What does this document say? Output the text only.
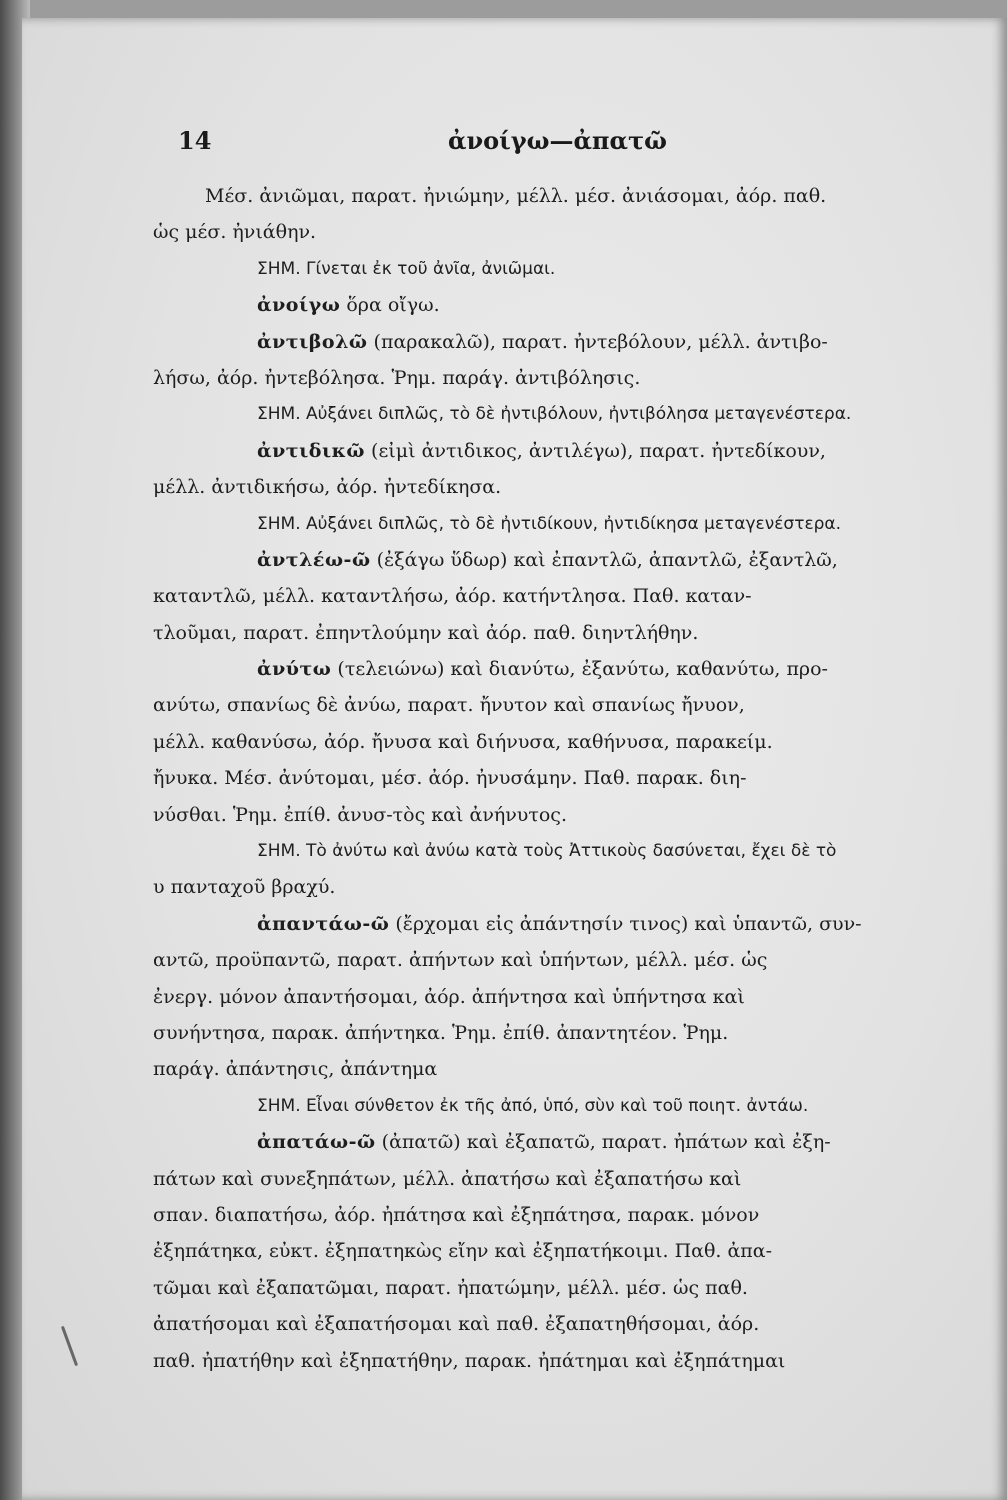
14	ἀνοίγω—ἀπατῶ
Μέσ. ἀνιῶμαι, παρατ. ἠνιώμην, μέλλ. μέσ. ἀνιάσομαι, ἀόρ. παθ.
ὡς μέσ. ἠνιάθην.
ΣΗΜ. Γίνεται ἐκ τοῦ ἀνῖα, ἀνιῶμαι.
ἀνοίγω ὅρα οἴγω.
ἀντιβολῶ (παρακαλῶ), παρατ. ἠντεβόλουν, μέλλ. ἀντιβο-
λήσω, ἀόρ. ἠντεβόλησα. Ῥημ. παράγ. ἀντιβόλησις.
ΣΗΜ. Αὐξάνει διπλῶς, τὸ δὲ ἠντιβόλουν, ἠντιβόλησα μεταγενέστερα.
ἀντιδικῶ (εἰμὶ ἀντιδικος, ἀντιλέγω), παρατ. ἠντεδίκουν,
μέλλ. ἀντιδικήσω, ἀόρ. ἠντεδίκησα.
ΣΗΜ. Αὐξάνει διπλῶς, τὸ δὲ ἠντιδίκουν, ἠντιδίκησα μεταγενέστερα.
ἀντλέω-ῶ (ἐξάγω ὕδωρ) καὶ ἐπαντλῶ, ἀπαντλῶ, ἐξαντλῶ,
καταντλῶ, μέλλ. καταντλήσω, ἀόρ. κατήντλησα. Παθ. καταν-
τλοῦμαι, παρατ. ἐπηντλούμην καὶ ἀόρ. παθ. διηντλήθην.
ἀνύτω (τελειώνω) καὶ διανύτω, ἐξανύτω, καθανύτω, προ-
ανύτω, σπανίως δὲ ἀνύω, παρατ. ἤνυτον καὶ σπανίως ἤνυον,
μέλλ. καθανύσω, ἀόρ. ἤνυσα καὶ διήνυσα, καθήνυσα, παρακείμ.
ἤνυκα. Μέσ. ἀνύτομαι, μέσ. ἀόρ. ἠνυσάμην. Παθ. παρακ. διη-
νύσθαι. Ῥημ. ἐπίθ. ἀνυσ-τὸς καὶ ἀνήνυτος.
ΣΗΜ. Τὸ ἀνύτω καὶ ἀνύω κατὰ τοὺς Ἀττικοὺς δασύνεται, ἔχει δὲ τὸ
υ πανταχοῦ βραχύ.
ἀπαντάω-ῶ (ἔρχομαι εἰς ἀπάντησίν τινος) καὶ ὑπαντῶ, συν-
αντῶ, προϋπαντῶ, παρατ. ἀπήντων καὶ ὑπήντων, μέλλ. μέσ. ὡς
ἐνεργ. μόνον ἀπαντήσομαι, ἀόρ. ἀπήντησα καὶ ὑπήντησα καὶ
συνήντησα, παρακ. ἀπήντηκα. Ῥημ. ἐπίθ. ἀπαντητέον. Ῥημ.
παράγ. ἀπάντησις, ἀπάντημα
ΣΗΜ. Εἶναι σύνθετον ἐκ τῆς ἀπό, ὑπό, σὺν καὶ τοῦ ποιητ. ἀντάω.
ἀπατάω-ῶ (ἀπατῶ) καὶ ἐξαπατῶ, παρατ. ἠπάτων καὶ ἐξη-
πάτων καὶ συνεξηπάτων, μέλλ. ἀπατήσω καὶ ἐξαπατήσω καὶ
σπαν. διαπατήσω, ἀόρ. ἠπάτησα καὶ ἐξηπάτησα, παρακ. μόνον
ἐξηπάτηκα, εὐκτ. ἐξηπατηκὼς εἴην καὶ ἐξηπατήκοιμι. Παθ. ἀπα-
τῶμαι καὶ ἐξαπατῶμαι, παρατ. ἠπατώμην, μέλλ. μέσ. ὡς παθ.
ἀπατήσομαι καὶ ἐξαπατήσομαι καὶ παθ. ἐξαπατηθήσομαι, ἀόρ.
παθ. ἠπατήθην καὶ ἐξηπατήθην, παρακ. ἠπάτημαι καὶ ἐξηπάτημαι
